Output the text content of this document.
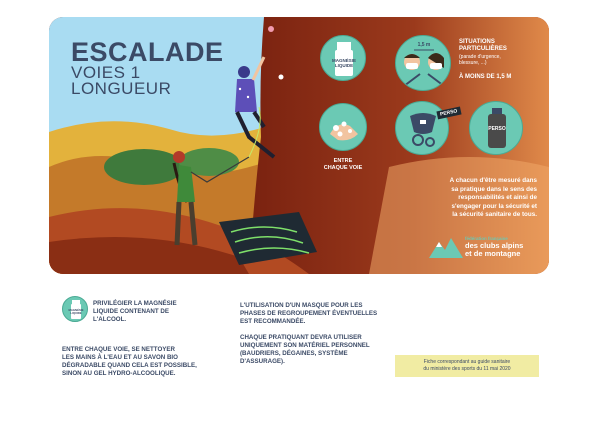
ESCALADE
VOIES 1
LONGUEUR
MAGNÉSIE
LIQUIDE
1,5 m	SITUATIONS
PARTICULIÈRES
(parade d'urgence,
blessure, ...)
À MOINS DE 1,5 M
ENTRE
CHAQUE VOIE
PERSO
PERSO
A chacun d'être mesuré dans
sa pratique dans le sens des
responsabilités et ainsi de
s'engager pour la sécurité et
la sécurité sanitaire de tous.
fédération française
des clubs alpins
et de montagne
MAGNÉSIE
LIQUIDE
PRIVILÉGIER LA MAGNÉSIE
LIQUIDE CONTENANT DE
L'ALCOOL.
ENTRE CHAQUE VOIE, SE NETTOYER
LES MAINS À L'EAU ET AU SAVON BIO
DÉGRADABLE QUAND CELA EST POSSIBLE,
SINON AU GEL HYDRO-ALCOOLIQUE.
L'UTILISATION D'UN MASQUE POUR LES
PHASES DE REGROUPEMENT ÉVENTUELLES
EST RECOMMANDÉE.
CHAQUE PRATIQUANT DEVRA UTILISER
UNIQUEMENT SON MATÉRIEL PERSONNEL
(BAUDRIERS, DÉGAINES, SYSTÈME
D'ASSURAGE).	Fiche correspondant au guide sanitaire
du ministère des sports du 11 mai 2020
